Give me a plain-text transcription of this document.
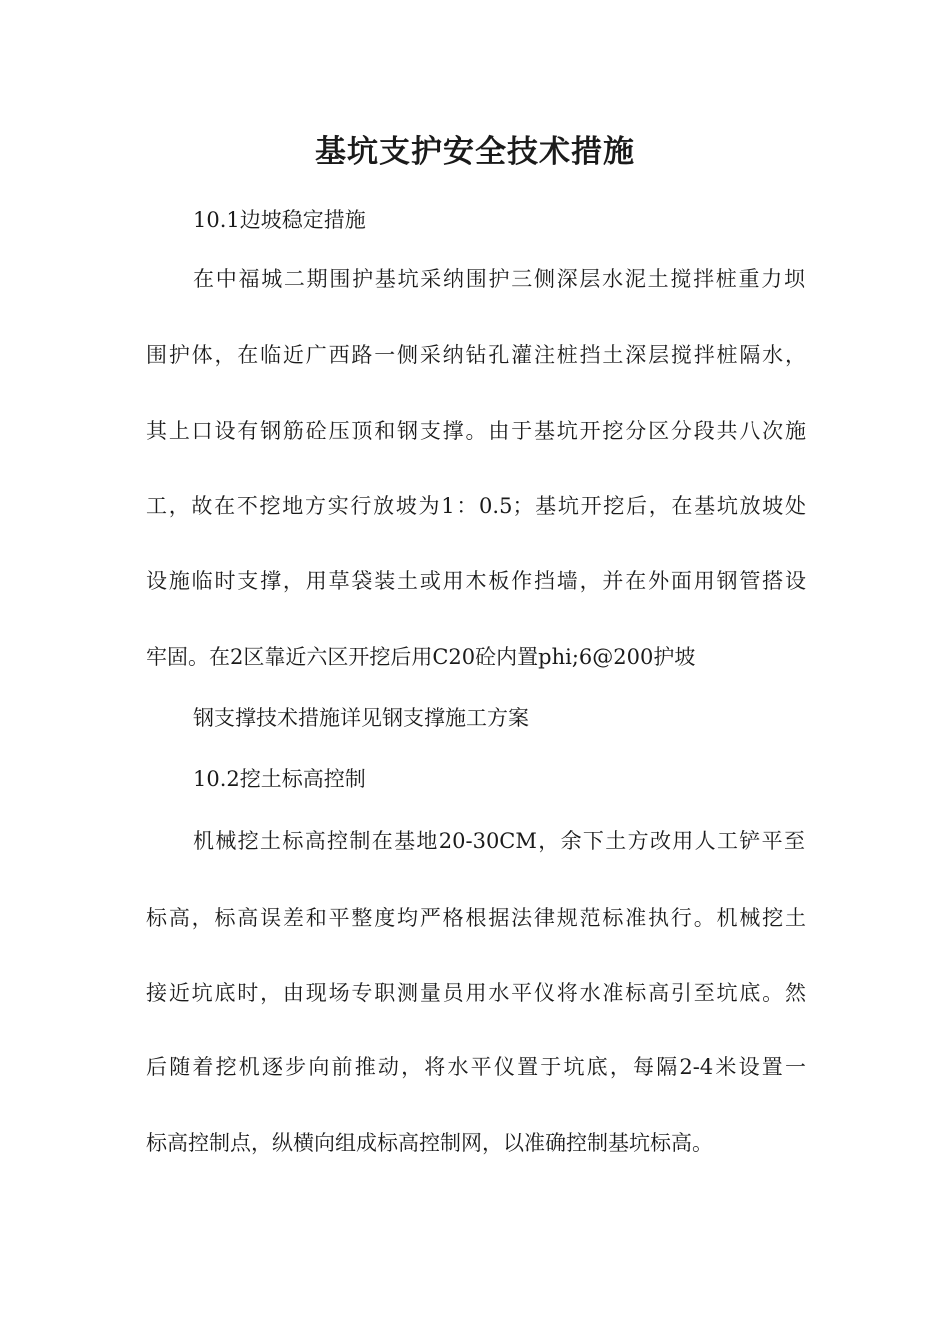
基坑支护安全技术措施
10.1边坡稳定措施
在中福城二期围护基坑采纳围护三侧深层水泥土搅拌桩重力坝
围护体，在临近广西路一侧采纳钻孔灌注桩挡土深层搅拌桩隔水，
其上口设有钢筋砼压顶和钢支撑。由于基坑开挖分区分段共八次施
工，故在不挖地方实行放坡为1：0.5；基坑开挖后，在基坑放坡处
设施临时支撑，用草袋装土或用木板作挡墙，并在外面用钢管搭设
牢固。在2区靠近六区开挖后用C20砼内置phi;6@200护坡
钢支撑技术措施详见钢支撑施工方案
10.2挖土标高控制
机械挖土标高控制在基地20-30CM，余下土方改用人工铲平至
标高，标高误差和平整度均严格根据法律规范标准执行。机械挖土
接近坑底时，由现场专职测量员用水平仪将水准标高引至坑底。然
后随着挖机逐步向前推动，将水平仪置于坑底，每隔2-4米设置一
标高控制点，纵横向组成标高控制网，以准确控制基坑标高。
